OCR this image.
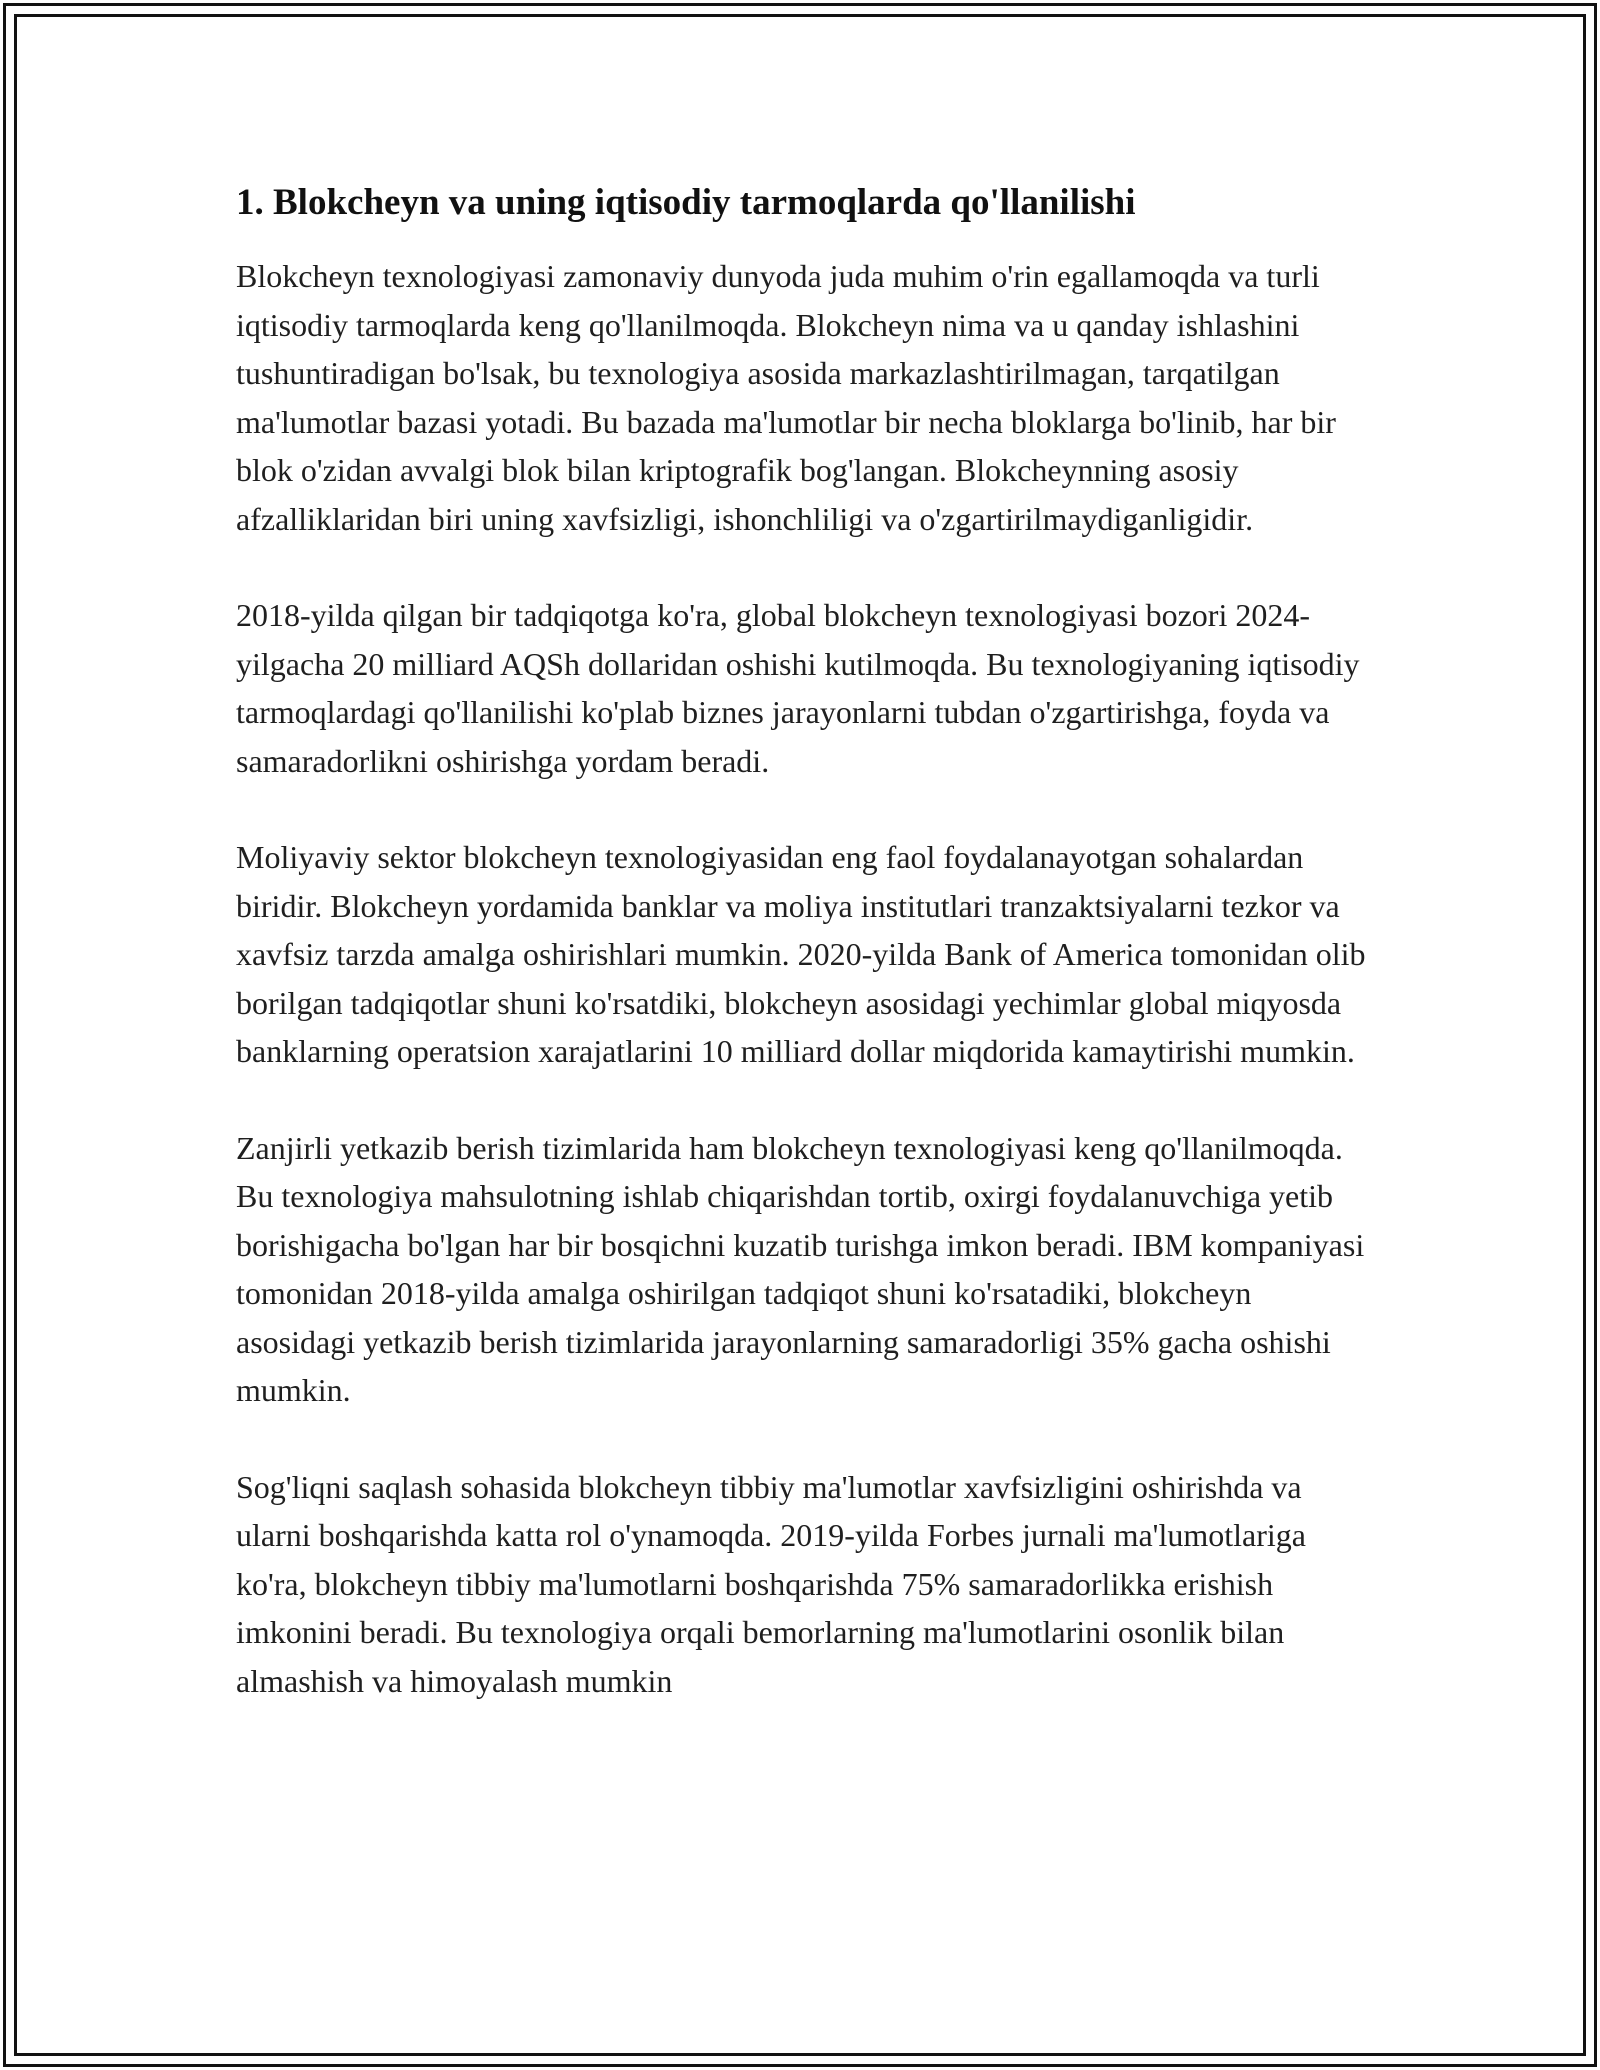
1. Blokcheyn va uning iqtisodiy tarmoqlarda qo'llanilishi

Blokcheyn texnologiyasi zamonaviy dunyoda juda muhim o'rin egallamoqda va turli iqtisodiy tarmoqlarda keng qo'llanilmoqda. Blokcheyn nima va u qanday ishlashini tushuntiradigan bo'lsak, bu texnologiya asosida markazlashtirilmagan, tarqatilgan ma'lumotlar bazasi yotadi. Bu bazada ma'lumotlar bir necha bloklarga bo'linib, har bir blok o'zidan avvalgi blok bilan kriptografik bog'langan. Blokcheynning asosiy afzalliklaridan biri uning xavfsizligi, ishonchliligi va o'zgartirilmaydiganligidir.

2018-yilda qilgan bir tadqiqotga ko'ra, global blokcheyn texnologiyasi bozori 2024-yilgacha 20 milliard AQSh dollaridan oshishi kutilmoqda. Bu texnologiyaning iqtisodiy tarmoqlardagi qo'llanilishi ko'plab biznes jarayonlarni tubdan o'zgartirishga, foyda va samaradorlikni oshirishga yordam beradi.

Moliyaviy sektor blokcheyn texnologiyasidan eng faol foydalanayotgan sohalardan biridir. Blokcheyn yordamida banklar va moliya institutlari tranzaktsiyalarni tezkor va xavfsiz tarzda amalga oshirishlari mumkin. 2020-yilda Bank of America tomonidan olib borilgan tadqiqotlar shuni ko'rsatdiki, blokcheyn asosidagi yechimlar global miqyosda banklarning operatsion xarajatlarini 10 milliard dollar miqdorida kamaytirishi mumkin.

Zanjirli yetkazib berish tizimlarida ham blokcheyn texnologiyasi keng qo'llanilmoqda. Bu texnologiya mahsulotning ishlab chiqarishdan tortib, oxirgi foydalanuvchiga yetib borishigacha bo'lgan har bir bosqichni kuzatib turishga imkon beradi. IBM kompaniyasi tomonidan 2018-yilda amalga oshirilgan tadqiqot shuni ko'rsatadiki, blokcheyn asosidagi yetkazib berish tizimlarida jarayonlarning samaradorligi 35% gacha oshishi mumkin.

Sog'liqni saqlash sohasida blokcheyn tibbiy ma'lumotlar xavfsizligini oshirishda va ularni boshqarishda katta rol o'ynamoqda. 2019-yilda Forbes jurnali ma'lumotlariga ko'ra, blokcheyn tibbiy ma'lumotlarni boshqarishda 75% samaradorlikka erishish imkonini beradi. Bu texnologiya orqali bemorlarning ma'lumotlarini osonlik bilan almashish va himoyalash mumkin
